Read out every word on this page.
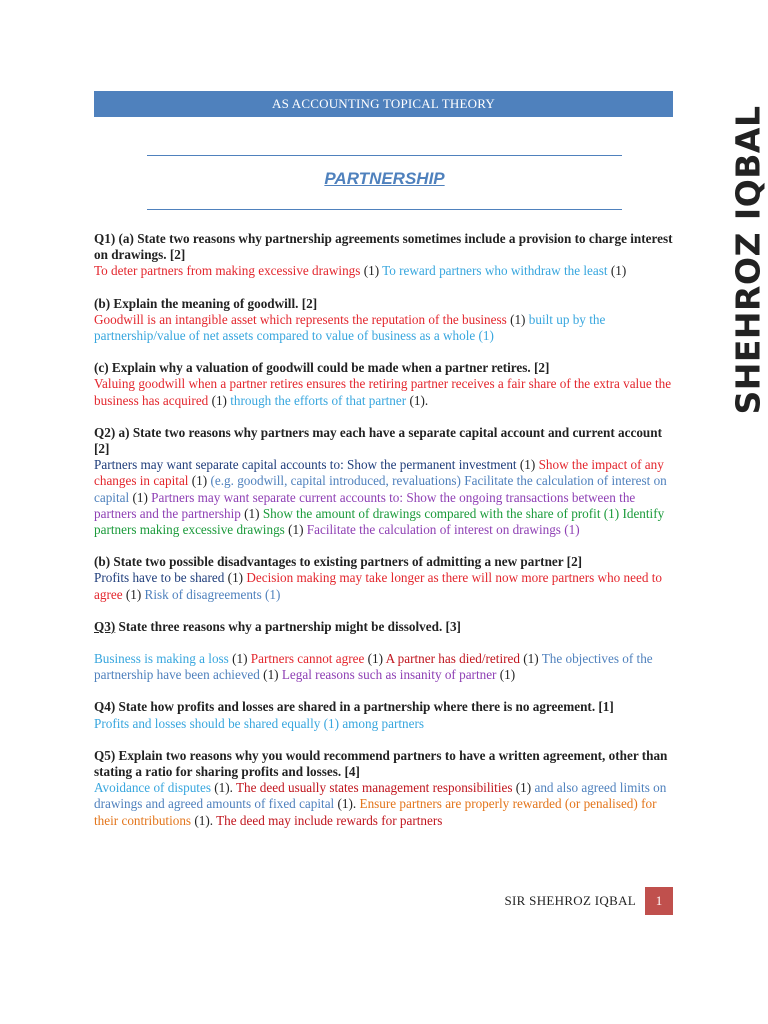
AS ACCOUNTING TOPICAL THEORY
PARTNERSHIP	SHEHROZ IQBAL
Q1) (a) State two reasons why partnership agreements sometimes include a provision to charge interest on drawings. [2]
To deter partners from making excessive drawings (1) To reward partners who withdraw the least (1)
(b) Explain the meaning of goodwill. [2]
Goodwill is an intangible asset which represents the reputation of the business (1) built up by the partnership/value of net assets compared to value of business as a whole (1)
(c) Explain why a valuation of goodwill could be made when a partner retires. [2]
Valuing goodwill when a partner retires ensures the retiring partner receives a fair share of the extra value the business has acquired (1) through the efforts of that partner (1).
Q2) a) State two reasons why partners may each have a separate capital account and current account [2]
Partners may want separate capital accounts to: Show the permanent investment (1) Show the impact of any changes in capital (1) (e.g. goodwill, capital introduced, revaluations) Facilitate the calculation of interest on capital (1) Partners may want separate current accounts to: Show the ongoing transactions between the partners and the partnership (1) Show the amount of drawings compared with the share of profit (1) Identify partners making excessive drawings (1) Facilitate the calculation of interest on drawings (1)
(b) State two possible disadvantages to existing partners of admitting a new partner [2]
Profits have to be shared (1) Decision making may take longer as there will now more partners who need to agree (1) Risk of disagreements (1)
Q3) State three reasons why a partnership might be dissolved. [3]
Business is making a loss (1) Partners cannot agree (1) A partner has died/retired (1) The objectives of the partnership have been achieved (1) Legal reasons such as insanity of partner (1)
Q4) State how profits and losses are shared in a partnership where there is no agreement. [1]
Profits and losses should be shared equally (1) among partners
Q5) Explain two reasons why you would recommend partners to have a written agreement, other than stating a ratio for sharing profits and losses. [4]
Avoidance of disputes (1). The deed usually states management responsibilities (1) and also agreed limits on drawings and agreed amounts of fixed capital (1). Ensure partners are properly rewarded (or penalised) for their contributions (1). The deed may include rewards for partners
SIR SHEHROZ IQBAL	1
